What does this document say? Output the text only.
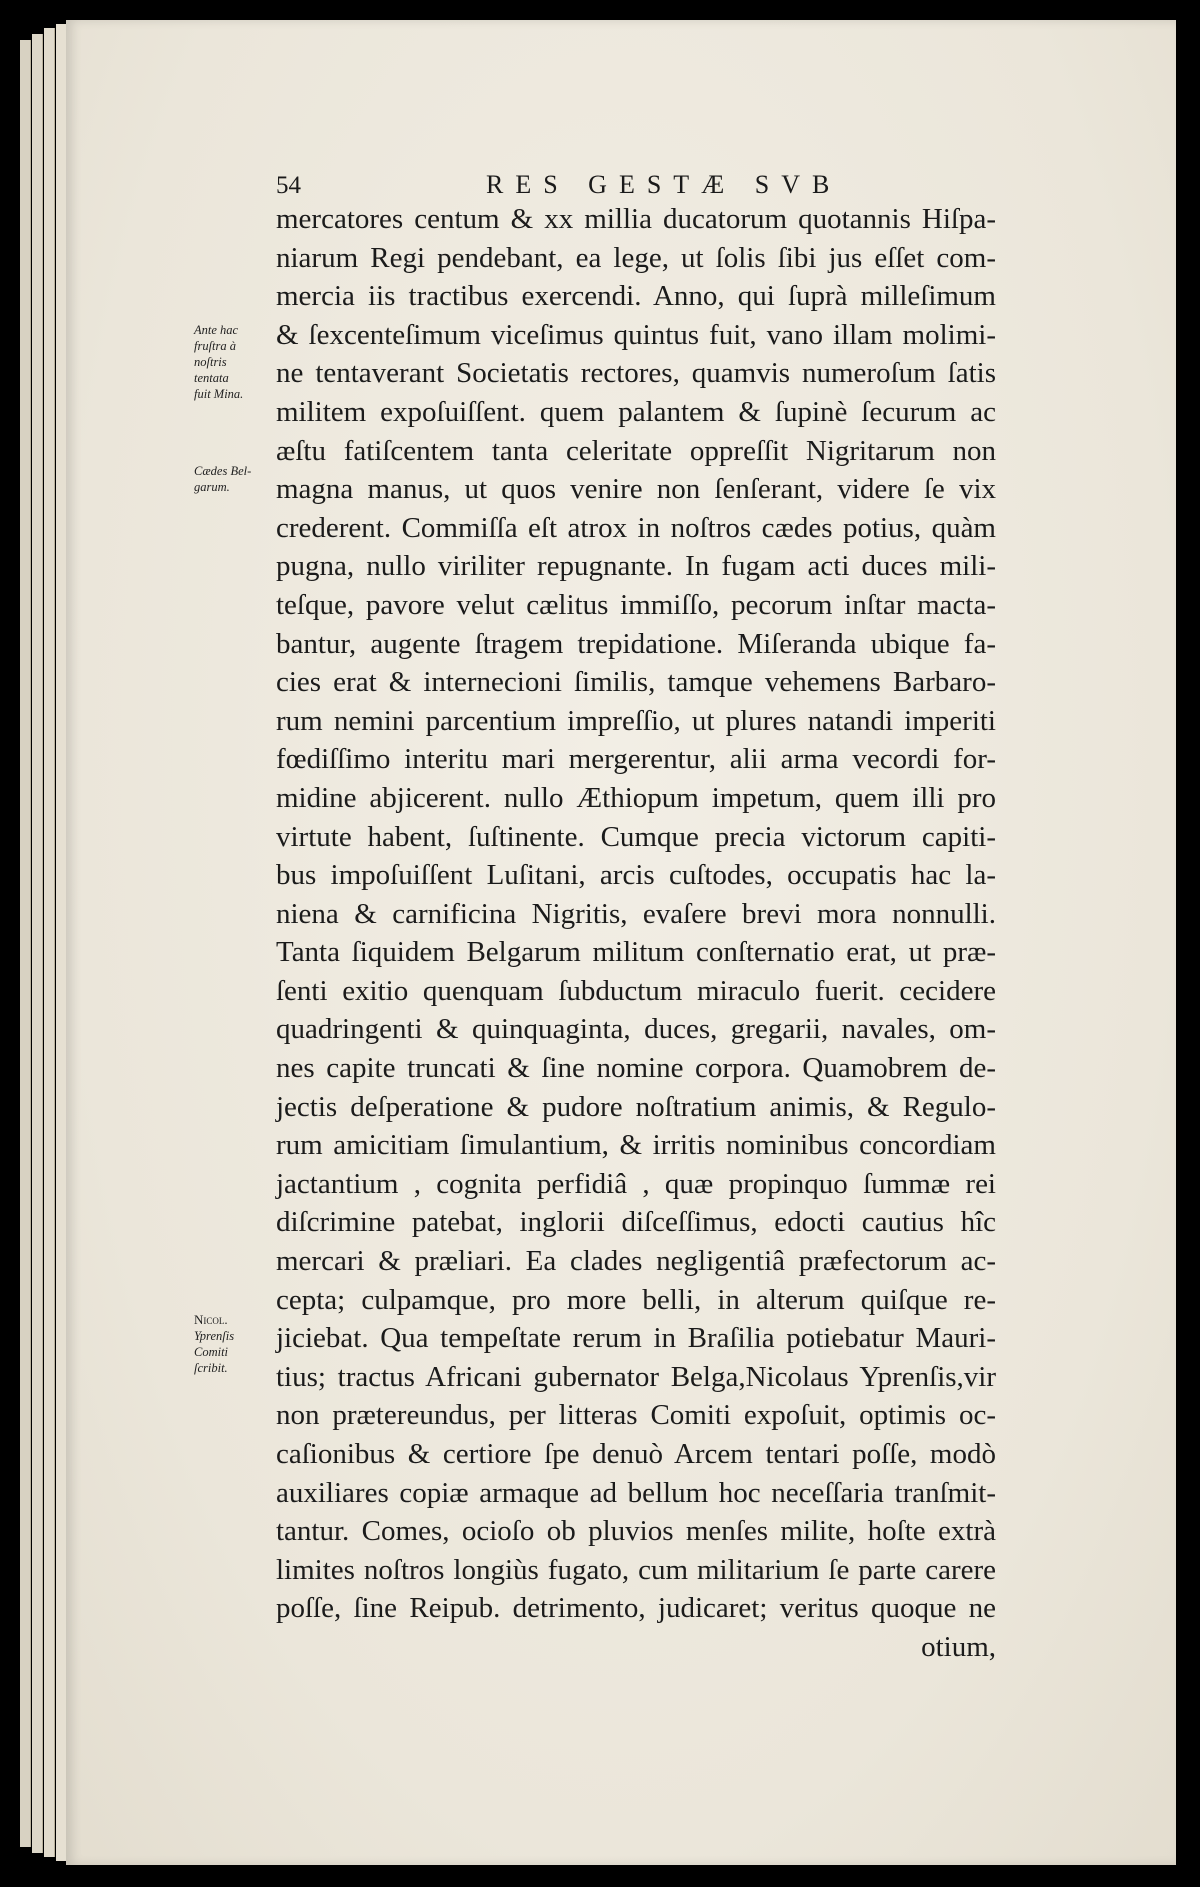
54	RES GESTÆ SVB
Ante hac
fruſtra à
noſtris
tentata
fuit Mina.
Cædes Bel-
garum.
Nicol.
Yprenſis
Comiti
ſcribit.
mercatores centum & xx millia ducatorum quotannis Hiſpa-
niarum Regi pendebant, ea lege, ut ſolis ſibi jus eſſet com-
mercia iis tractibus exercendi. Anno, qui ſuprà milleſimum
& ſexcenteſimum viceſimus quintus fuit, vano illam molimi-
ne tentaverant Societatis rectores, quamvis numeroſum ſatis
militem expoſuiſſent. quem palantem & ſupinè ſecurum ac
æſtu fatiſcentem tanta celeritate oppreſſit Nigritarum non
magna manus, ut quos venire non ſenſerant, videre ſe vix
crederent. Commiſſa eſt atrox in noſtros cædes potius, quàm
pugna, nullo viriliter repugnante. In fugam acti duces mili-
teſque, pavore velut cælitus immiſſo, pecorum inſtar macta-
bantur, augente ſtragem trepidatione. Miſeranda ubique fa-
cies erat & internecioni ſimilis, tamque vehemens Barbaro-
rum nemini parcentium impreſſio, ut plures natandi imperiti
fœdiſſimo interitu mari mergerentur, alii arma vecordi for-
midine abjicerent. nullo Æthiopum impetum, quem illi pro
virtute habent, ſuſtinente. Cumque precia victorum capiti-
bus impoſuiſſent Luſitani, arcis cuſtodes, occupatis hac la-
niena & carnificina Nigritis, evaſere brevi mora nonnulli.
Tanta ſiquidem Belgarum militum conſternatio erat, ut præ-
ſenti exitio quenquam ſubductum miraculo fuerit. cecidere
quadringenti & quinquaginta, duces, gregarii, navales, om-
nes capite truncati & ſine nomine corpora. Quamobrem de-
jectis deſperatione & pudore noſtratium animis, & Regulo-
rum amicitiam ſimulantium, & irritis nominibus concordiam
jactantium , cognita perfidiâ , quæ propinquo ſummæ rei
diſcrimine patebat, inglorii diſceſſimus, edocti cautius hîc
mercari & præliari. Ea clades negligentiâ præfectorum ac-
cepta; culpamque, pro more belli, in alterum quiſque re-
jiciebat. Qua tempeſtate rerum in Braſilia potiebatur Mauri-
tius; tractus Africani gubernator Belga,Nicolaus Yprenſis,vir
non prætereundus, per litteras Comiti expoſuit, optimis oc-
caſionibus & certiore ſpe denuò Arcem tentari poſſe, modò
auxiliares copiæ armaque ad bellum hoc neceſſaria tranſmit-
tantur. Comes, ocioſo ob pluvios menſes milite, hoſte extrà
limites noſtros longiùs fugato, cum militarium ſe parte carere
poſſe, ſine Reipub. detrimento, judicaret; veritus quoque ne
otium,
